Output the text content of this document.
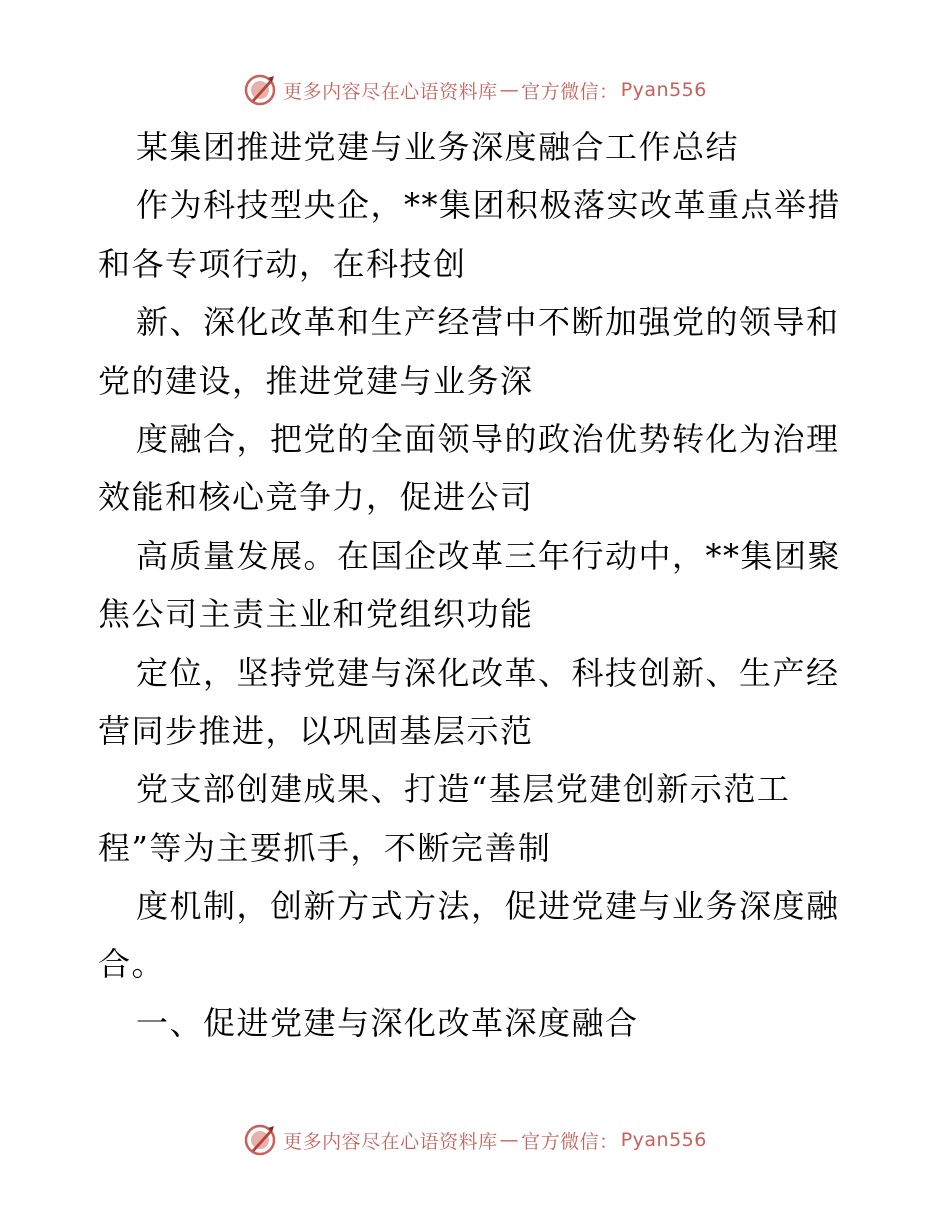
更多内容尽在心语资料库 — 官方微信： Pyan556
某集团推进党建与业务深度融合工作总结
作为科技型央企，**集团积极落实改革重点举措
和各专项行动，在科技创
新、深化改革和生产经营中不断加强党的领导和
党的建设，推进党建与业务深
度融合，把党的全面领导的政治优势转化为治理
效能和核心竞争力，促进公司
高质量发展。在国企改革三年行动中，**集团聚
焦公司主责主业和党组织功能
定位，坚持党建与深化改革、科技创新、生产经
营同步推进，以巩固基层示范
党支部创建成果、打造“基层党建创新示范工
程”等为主要抓手，不断完善制
度机制，创新方式方法，促进党建与业务深度融
合。
一、促进党建与深化改革深度融合
更多内容尽在心语资料库 — 官方微信： Pyan556
